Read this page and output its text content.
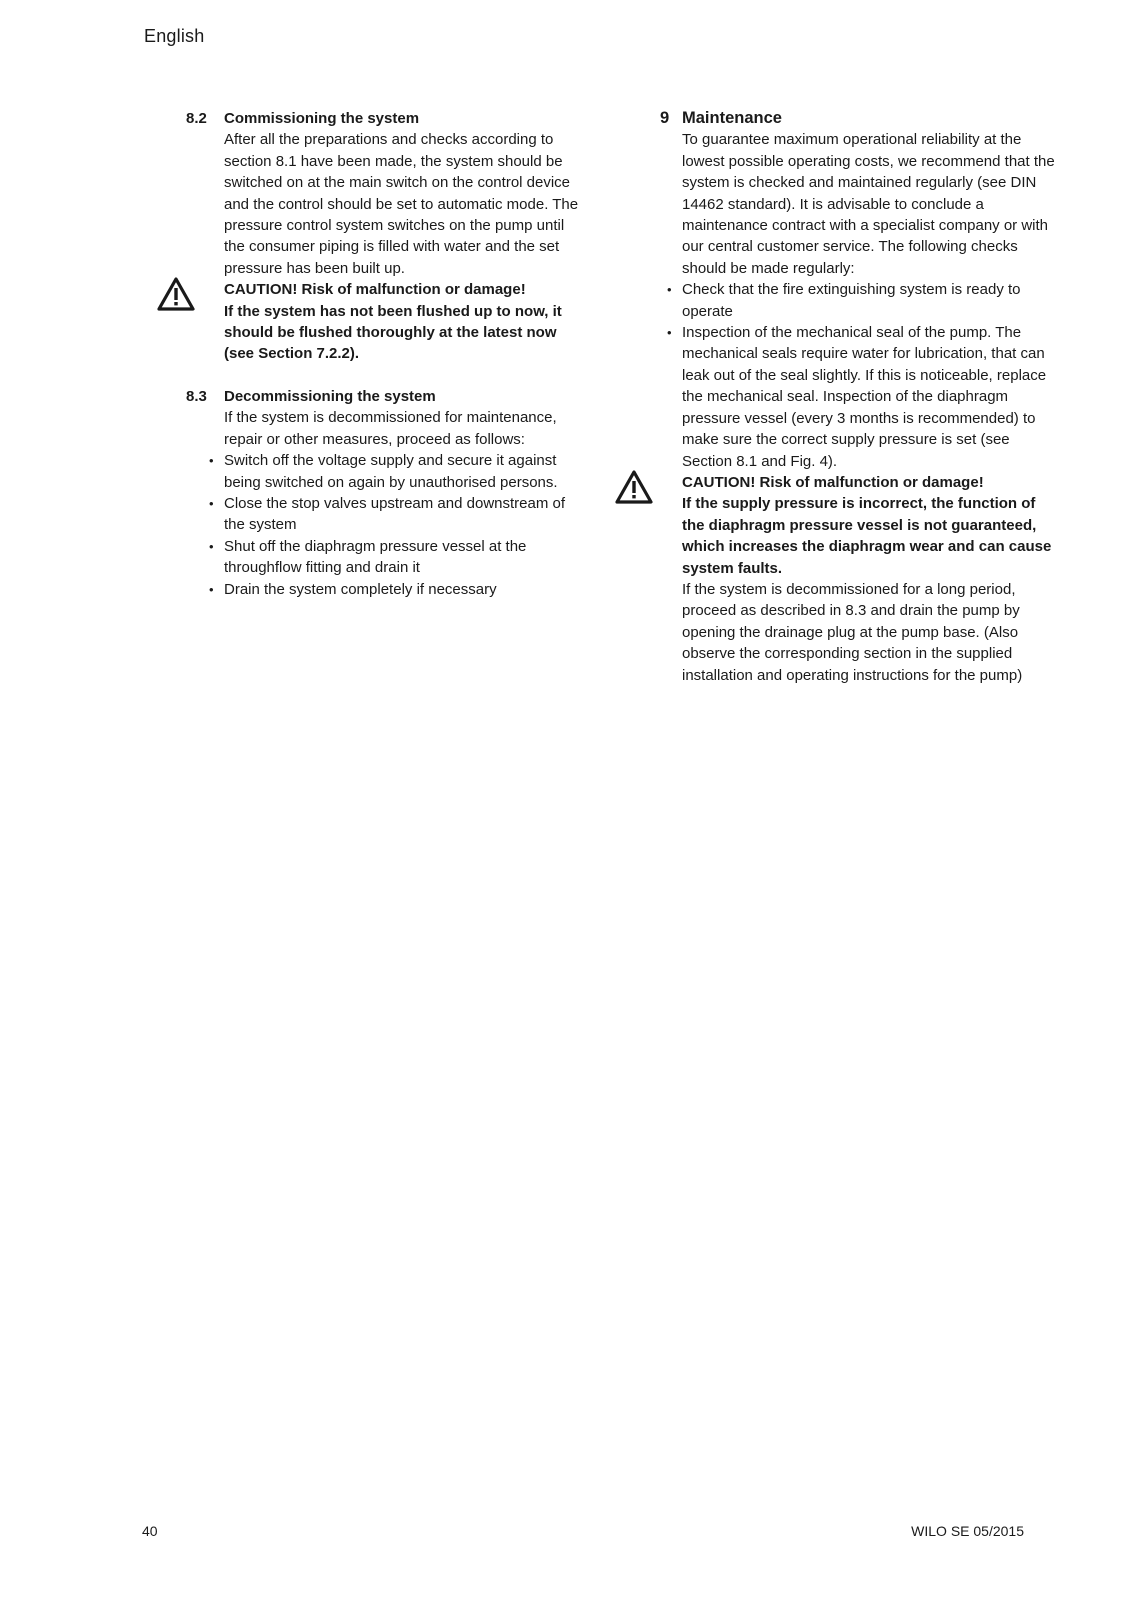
English
8.2	Commissioning the system

After all the preparations and checks according to section 8.1 have been made, the system should be switched on at the main switch on the control device and the control should be set to automatic mode. The pressure control system switches on the pump until the consumer piping is filled with water and the set pressure has been built up.

CAUTION! Risk of malfunction or damage!

If the system has not been flushed up to now, it should be flushed thoroughly at the latest now (see Section 7.2.2).

8.3	Decommissioning the system

If the system is decommissioned for maintenance, repair or other measures, proceed as follows:

• Switch off the voltage supply and secure it against being switched on again by unauthorised persons.
• Close the stop valves upstream and downstream of the system
• Shut off the diaphragm pressure vessel at the throughflow fitting and drain it
• Drain the system completely if necessary
9 Maintenance

To guarantee maximum operational reliability at the lowest possible operating costs, we recommend that the system is checked and maintained regularly (see DIN 14462 standard). It is advisable to conclude a maintenance contract with a specialist company or with our central customer service. The following checks should be made regularly:

• Check that the fire extinguishing system is ready to operate
• Inspection of the mechanical seal of the pump. The mechanical seals require water for lubrication, that can leak out of the seal slightly. If this is noticeable, replace the mechanical seal. Inspection of the diaphragm pressure vessel (every 3 months is recommended) to make sure the correct supply pressure is set (see Section 8.1 and Fig. 4).

CAUTION! Risk of malfunction or damage!

If the supply pressure is incorrect, the function of the diaphragm pressure vessel is not guaranteed, which increases the diaphragm wear and can cause system faults.

If the system is decommissioned for a long period, proceed as described in 8.3 and drain the pump by opening the drainage plug at the pump base. (Also observe the corresponding section in the supplied installation and operating instructions for the pump)

40	WILO SE 05/2015
